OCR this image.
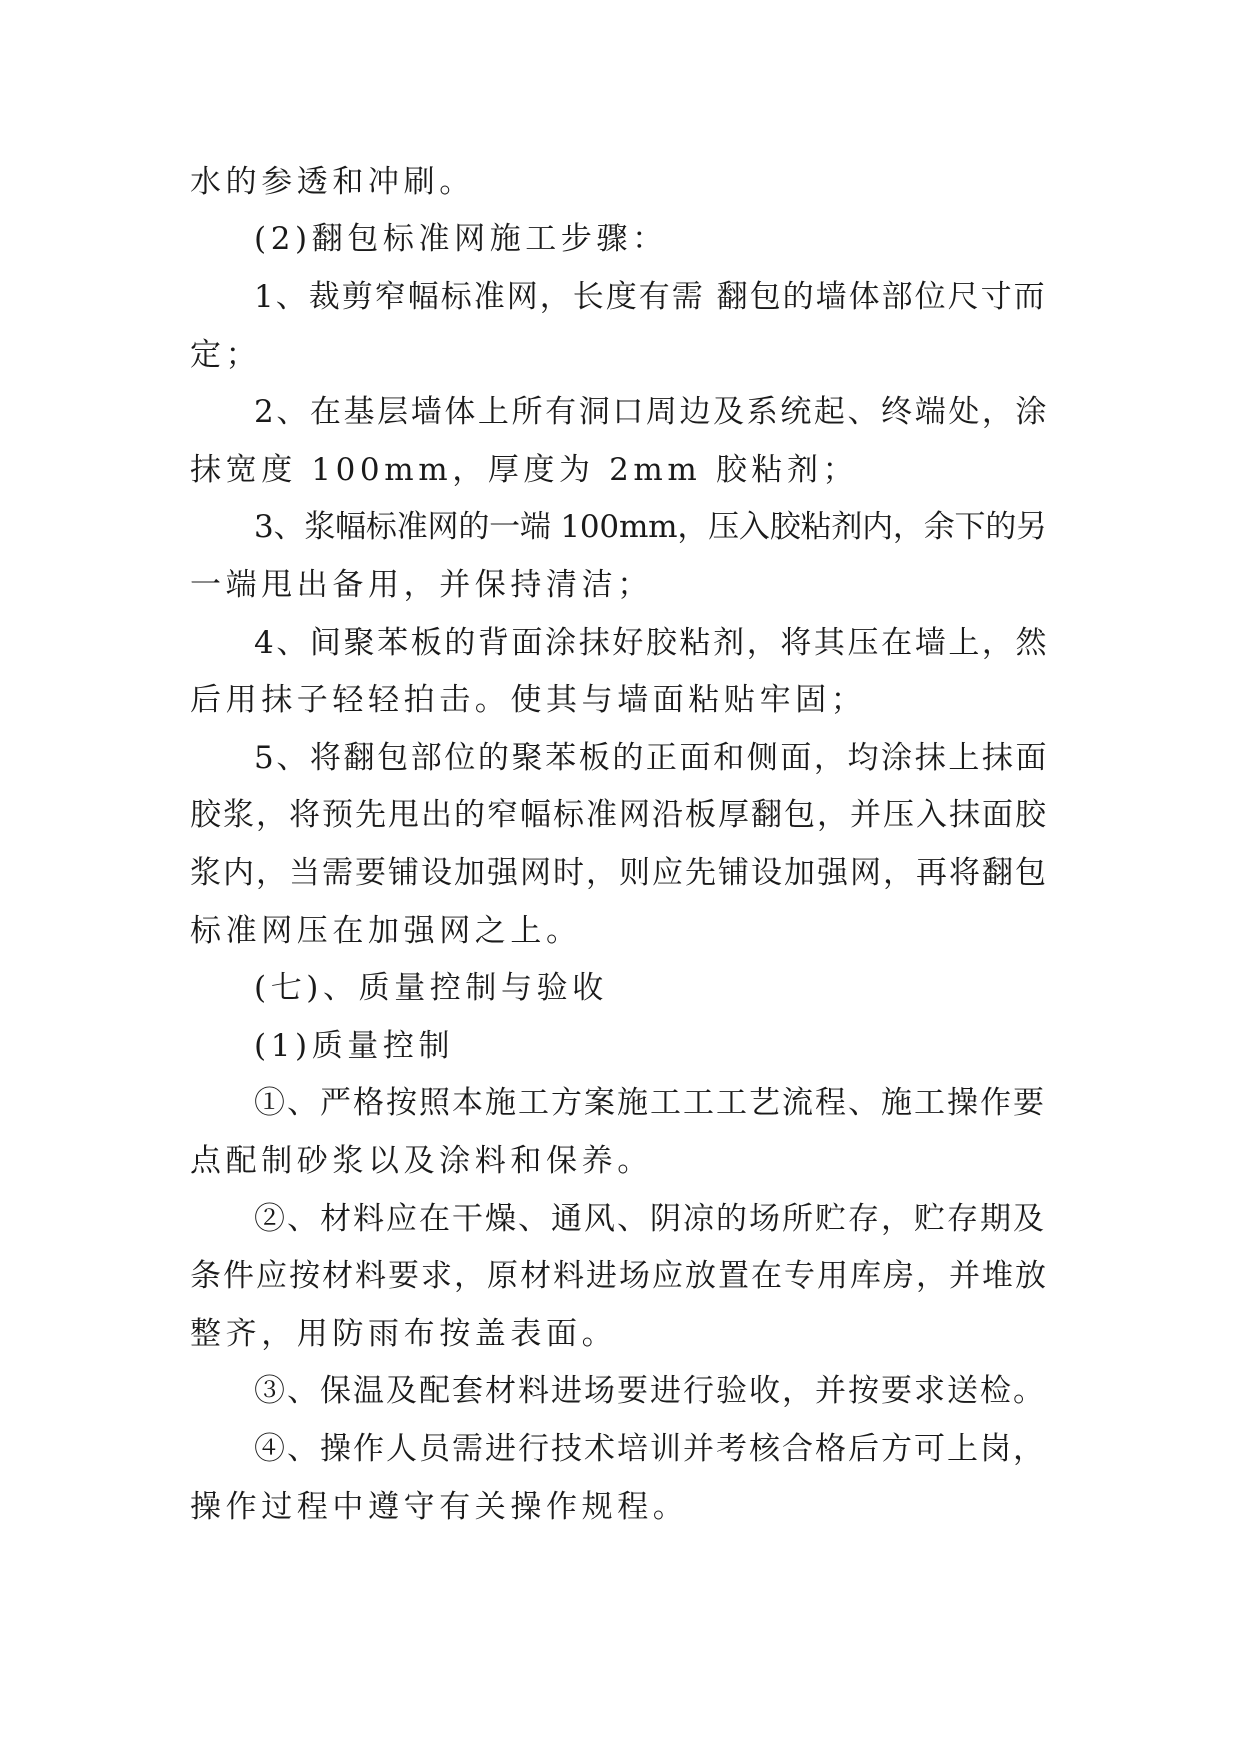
水的参透和冲刷。
(2)翻包标准网施工步骤：
1、裁剪窄幅标准网，长度有需 翻包的墙体部位尺寸而
定；
2、在基层墙体上所有洞口周边及系统起、终端处，涂
抹宽度 100mm，厚度为 2mm 胶粘剂；
3、浆幅标准网的一端 100mm，压入胶粘剂内，余下的另
一端甩出备用，并保持清洁；
4、间聚苯板的背面涂抹好胶粘剂，将其压在墙上，然
后用抹子轻轻拍击。使其与墙面粘贴牢固；
5、将翻包部位的聚苯板的正面和侧面，均涂抹上抹面
胶浆，将预先甩出的窄幅标准网沿板厚翻包，并压入抹面胶
浆内，当需要铺设加强网时，则应先铺设加强网，再将翻包
标准网压在加强网之上。
(七)、质量控制与验收
(1)质量控制
①、严格按照本施工方案施工工工艺流程、施工操作要
点配制砂浆以及涂料和保养。
②、材料应在干燥、通风、阴凉的场所贮存，贮存期及
条件应按材料要求，原材料进场应放置在专用库房，并堆放
整齐，用防雨布按盖表面。
③、保温及配套材料进场要进行验收，并按要求送检。
④、操作人员需进行技术培训并考核合格后方可上岗，
操作过程中遵守有关操作规程。
